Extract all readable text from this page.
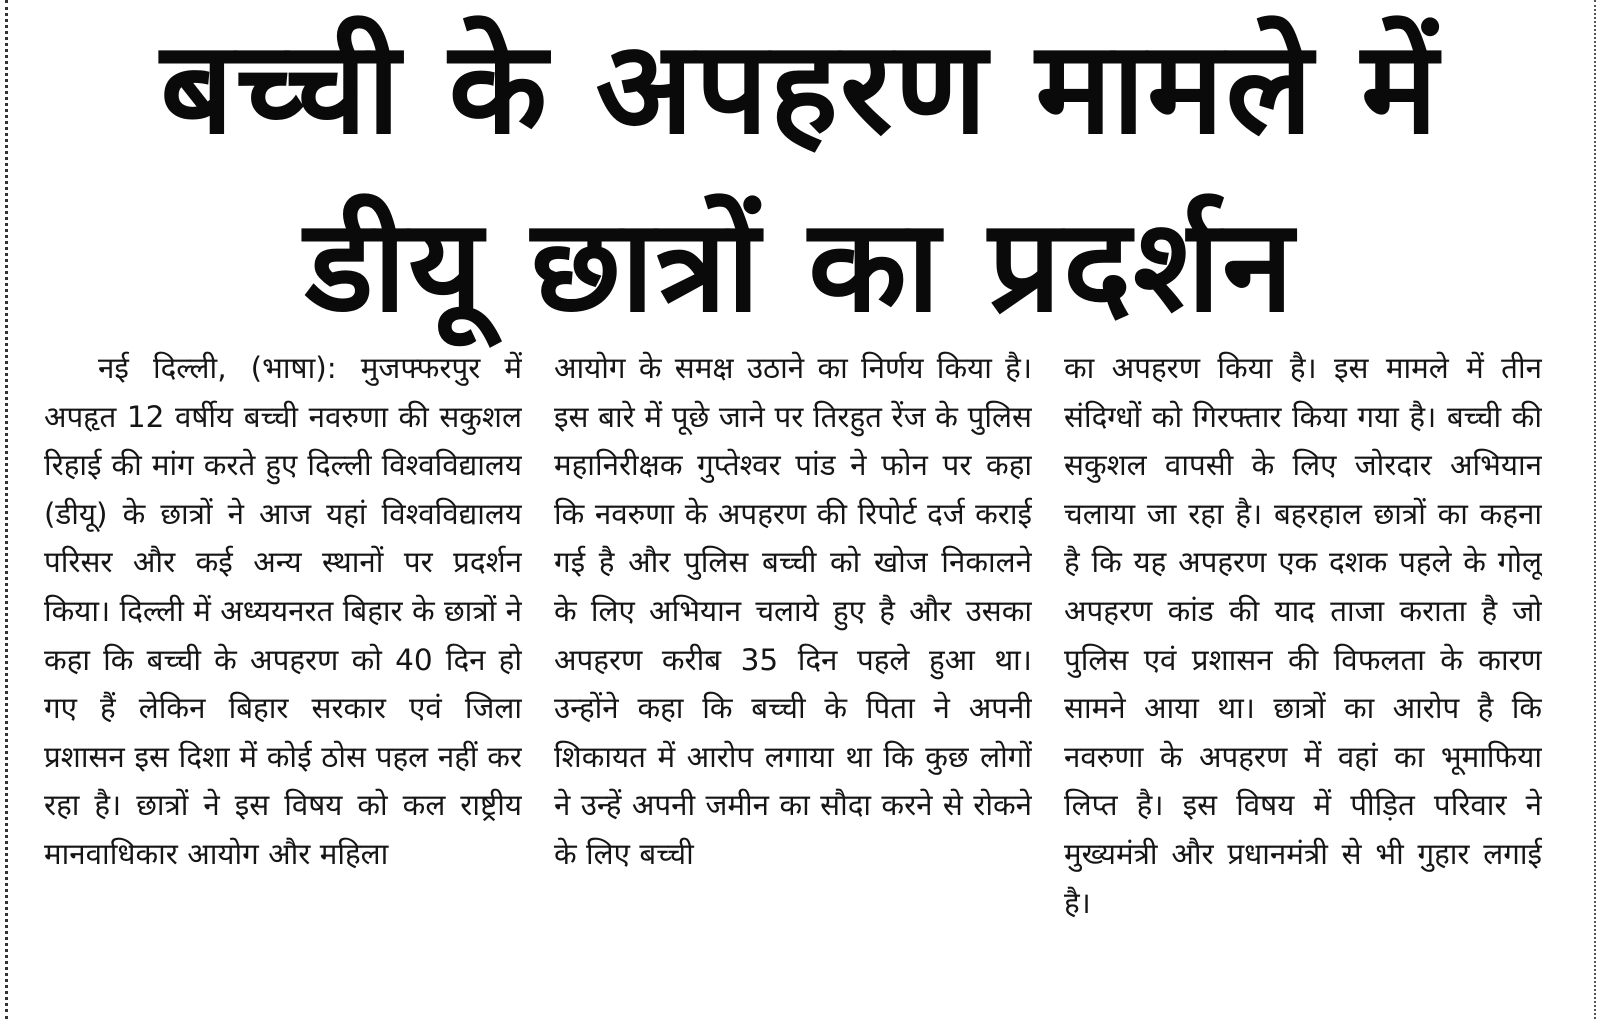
बच्ची के अपहरण मामले में
डीयू छात्रों का प्रदर्शन

नई दिल्ली, (भाषा): मुजफ्फरपुर में अपहृत 12 वर्षीय बच्ची नवरुणा की सकुशल रिहाई की मांग करते हुए दिल्ली विश्वविद्यालय (डीयू) के छात्रों ने आज यहां विश्वविद्यालय परिसर और कई अन्य स्थानों पर प्रदर्शन किया। दिल्ली में अध्ययनरत बिहार के छात्रों ने कहा कि बच्ची के अपहरण को 40 दिन हो गए हैं लेकिन बिहार सरकार एवं जिला प्रशासन इस दिशा में कोई ठोस पहल नहीं कर रहा है। छात्रों ने इस विषय को कल राष्ट्रीय मानवाधिकार आयोग और महिला

आयोग के समक्ष उठाने का निर्णय किया है। इस बारे में पूछे जाने पर तिरहुत रेंज के पुलिस महानिरीक्षक गुप्तेश्वर पांड ने फोन पर कहा कि नवरुणा के अपहरण की रिपोर्ट दर्ज कराई गई है और पुलिस बच्ची को खोज निकालने के लिए अभियान चलाये हुए है और उसका अपहरण करीब 35 दिन पहले हुआ था। उन्होंने कहा कि बच्ची के पिता ने अपनी शिकायत में आरोप लगाया था कि कुछ लोगों ने उन्हें अपनी जमीन का सौदा करने से रोकने के लिए बच्ची

का अपहरण किया है। इस मामले में तीन संदिग्धों को गिरफ्तार किया गया है। बच्ची की सकुशल वापसी के लिए जोरदार अभियान चलाया जा रहा है। बहरहाल छात्रों का कहना है कि यह अपहरण एक दशक पहले के गोलू अपहरण कांड की याद ताजा कराता है जो पुलिस एवं प्रशासन की विफलता के कारण सामने आया था। छात्रों का आरोप है कि नवरुणा के अपहरण में वहां का भूमाफिया लिप्त है। इस विषय में पीड़ित परिवार ने मुख्यमंत्री और प्रधानमंत्री से भी गुहार लगाई है।
